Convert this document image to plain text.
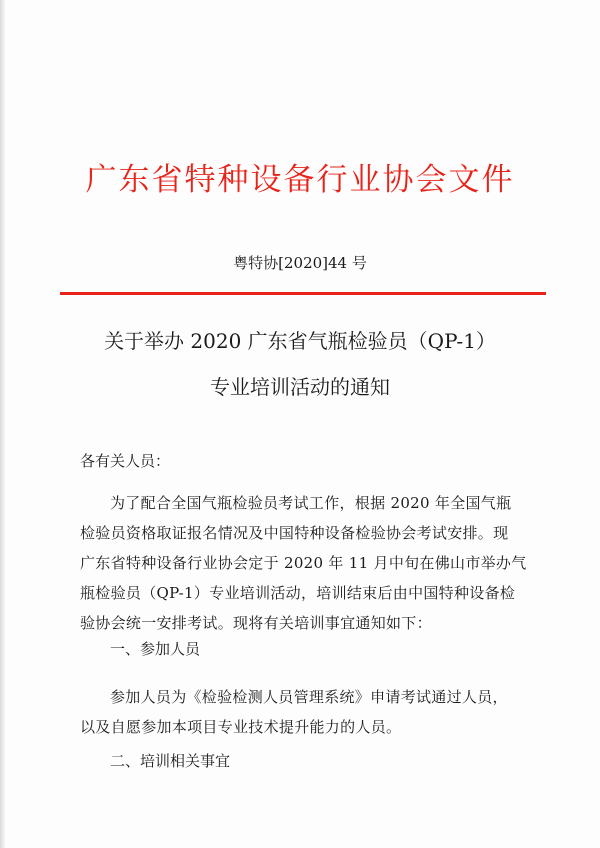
广东省特种设备行业协会文件
粤特协[2020]44 号
关于举办 2020 广东省气瓶检验员（QP-1）
专业培训活动的通知
各有关人员：
为了配合全国气瓶检验员考试工作，根据 2020 年全国气瓶
检验员资格取证报名情况及中国特种设备检验协会考试安排。现
广东省特种设备行业协会定于 2020 年 11 月中旬在佛山市举办气
瓶检验员（QP-1）专业培训活动，培训结束后由中国特种设备检
验协会统一安排考试。现将有关培训事宜通知如下：
一、参加人员
参加人员为《检验检测人员管理系统》申请考试通过人员，
以及自愿参加本项目专业技术提升能力的人员。
二、培训相关事宜
